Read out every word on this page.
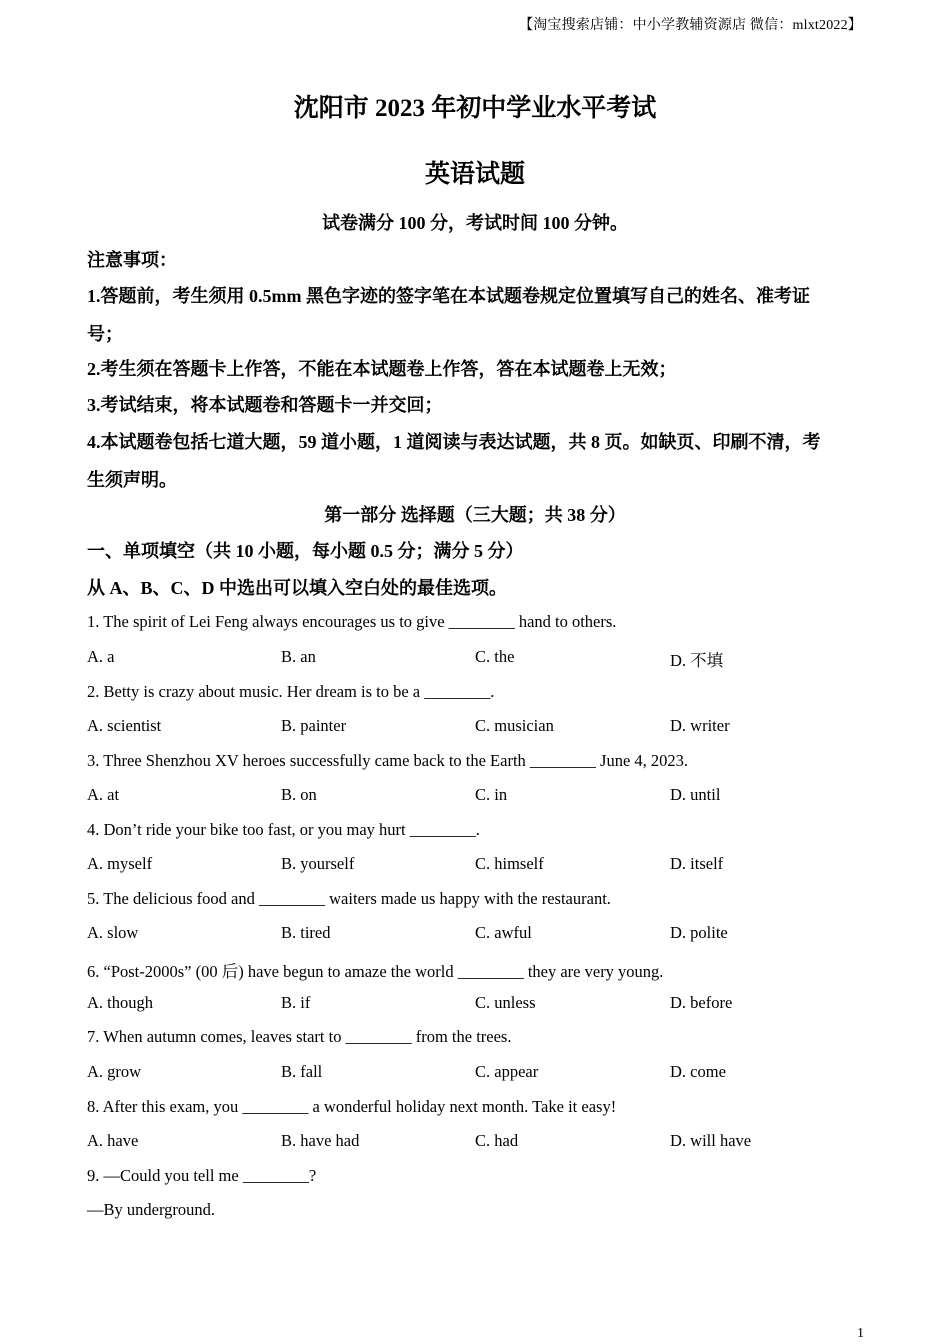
【淘宝搜索店铺：中小学教辅资源店 微信：mlxt2022】
沈阳市 2023 年初中学业水平考试
英语试题
试卷满分 100 分，考试时间 100 分钟。
注意事项：
1.答题前，考生须用 0.5mm 黑色字迹的签字笔在本试题卷规定位置填写自己的姓名、准考证
号；
2.考生须在答题卡上作答，不能在本试题卷上作答，答在本试题卷上无效；
3.考试结束，将本试题卷和答题卡一并交回；
4.本试题卷包括七道大题，59 道小题，1 道阅读与表达试题，共 8 页。如缺页、印刷不清，考
生须声明。
第一部分 选择题（三大题；共 38 分）
一、单项填空（共 10 小题，每小题 0.5 分；满分 5 分）
从 A、B、C、D 中选出可以填入空白处的最佳选项。
1. The spirit of Lei Feng always encourages us to give ________ hand to others.
A. a	B. an	C. the	D. 不填
2. Betty is crazy about music. Her dream is to be a ________.
A. scientist	B. painter	C. musician	D. writer
3. Three Shenzhou XV heroes successfully came back to the Earth ________ June 4, 2023.
A. at	B. on	C. in	D. until
4. Don’t ride your bike too fast, or you may hurt ________.
A. myself	B. yourself	C. himself	D. itself
5. The delicious food and ________ waiters made us happy with the restaurant.
A. slow	B. tired	C. awful	D. polite
6. “Post-2000s” (00 后) have begun to amaze the world ________ they are very young.
A. though	B. if	C. unless	D. before
7. When autumn comes, leaves start to ________ from the trees.
A. grow	B. fall	C. appear	D. come
8. After this exam, you ________ a wonderful holiday next month. Take it easy!
A. have	B. have had	C. had	D. will have
9. —Could you tell me ________?
—By underground.
1
